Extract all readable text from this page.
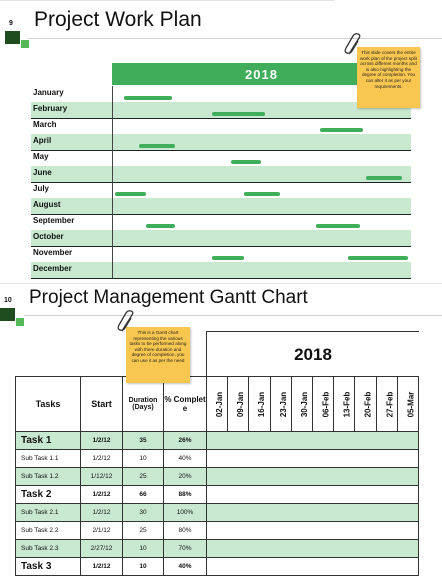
9 Project Work Plan
2018
January
February
March
April
May
June
July
August
September
October
November
December
This slide covers the entire work plan of the project split across different months and is also highlighting the degree of completion. You can alter it as per your requirements.
10 Project Management Gantt Chart
2018
Tasks	Start	Duration (Days)	% Complete	02-Jan	09-Jan	16-Jan	23-Jan	30-Jan	06-Feb	13-Feb	20-Feb	27-Feb	05-Mar
Task 1	1/2/12	35	26%										
Sub Task 1.1	1/2/12	10	40%										
Sub Task 1.2	1/12/12	25	20%										
Task 2	1/2/12	66	88%										
Sub Task 2.1	1/2/12	30	100%										
Sub Task 2.2	2/1/12	25	80%										
Sub Task 2.3	2/27/12	10	70%										
Task 3	1/2/12	10	40%										
This is a Gantt chart representing the various tasks to be performed along with there duration and degree of completion, you can use it as per the need
